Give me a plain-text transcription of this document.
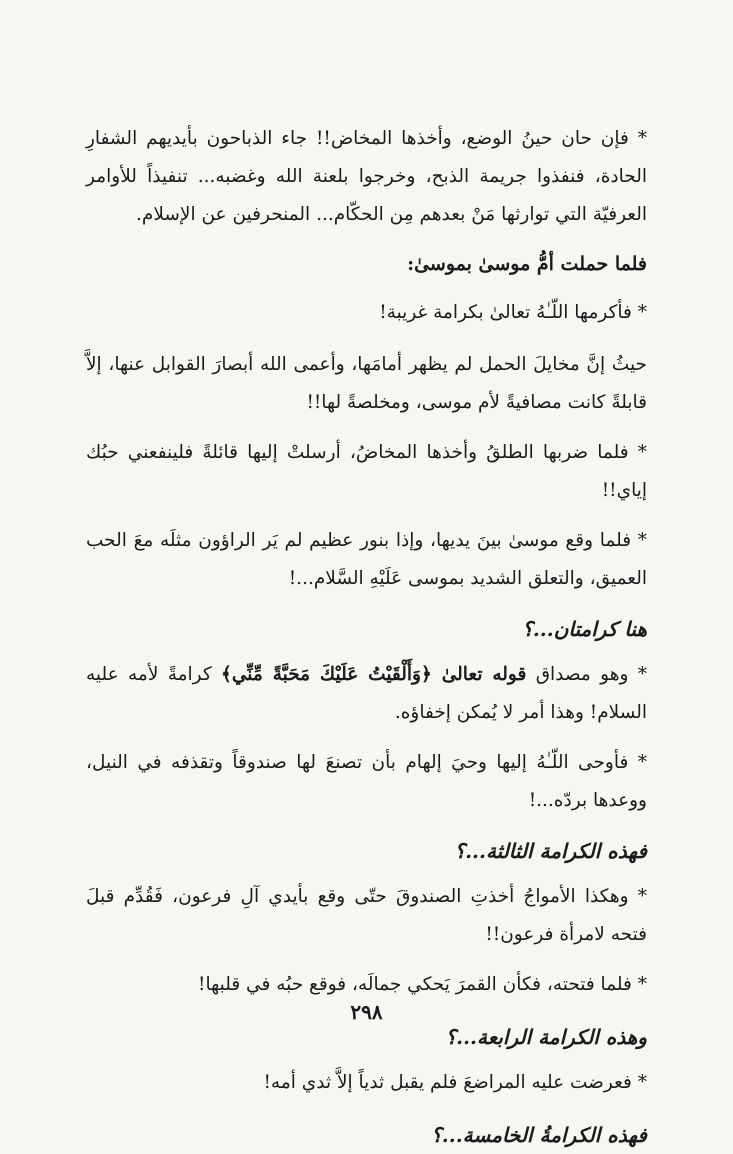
* فإن حان حينُ الوضع، وأخذها المخاض!! جاء الذباحون بأيديهم الشفارِ الحادة، فنفذوا جريمة الذبح، وخرجوا بلعنة الله وغضبه... تنفيذاً للأوامر العرفيّة التي توارثها مَنْ بعدهم مِن الحكّام... المنحرفين عن الإسلام.

فلما حملت أمُّ موسىٰ بموسىٰ:

* فأكرمها اللّـٰهُ تعالىٰ بكرامة غريبة!

حيثُ إنَّ مخايلَ الحمل لم يظهر أمامَها، وأعمى الله أبصارَ القوابل عنها، إلاَّ قابلةً كانت مصافيةً لأم موسى، ومخلصةً لها!!

* فلما ضربها الطلقُ وأخذها المخاضُ، أرسلتْ إليها قائلةً فلينفعني حبُك إياي!!

* فلما وقع موسىٰ بينَ يديها، وإذا بنور عظيم لم يَر الراؤون مثلَه معَ الحب العميق، والتعلق الشديد بموسى عَلَيْهِ السَّلام...!

هنا كرامتان...؟

* وهو مصداق قوله تعالىٰ ﴿وَأَلْقَيْتُ عَلَيْكَ مَحَبَّةً مِّنِّي﴾ كرامةً لأمه عليه السلام! وهذا أمر لا يُمكن إخفاؤه.

* فأوحى اللّـٰهُ إليها وحيَ إلهام بأن تصنعَ لها صندوقاً وتقذفه في النيل، ووعدها بردّه...!

فهذه الكرامة الثالثة...؟

* وهكذا الأمواجُ أخذتِ الصندوقَ حتّى وقع بأيدي آلِ فرعون، فَقُدِّم قبلَ فتحه لامرأة فرعون!!

* فلما فتحته، فكأن القمرَ يَحكي جمالَه، فوقع حبُه في قلبها!

وهذه الكرامة الرابعة...؟

* فعرضت عليه المراضعَ فلم يقبل ثدياً إلاَّ ثدي أمه!

فهذه الكرامةُ الخامسة...؟

٢٩٨
